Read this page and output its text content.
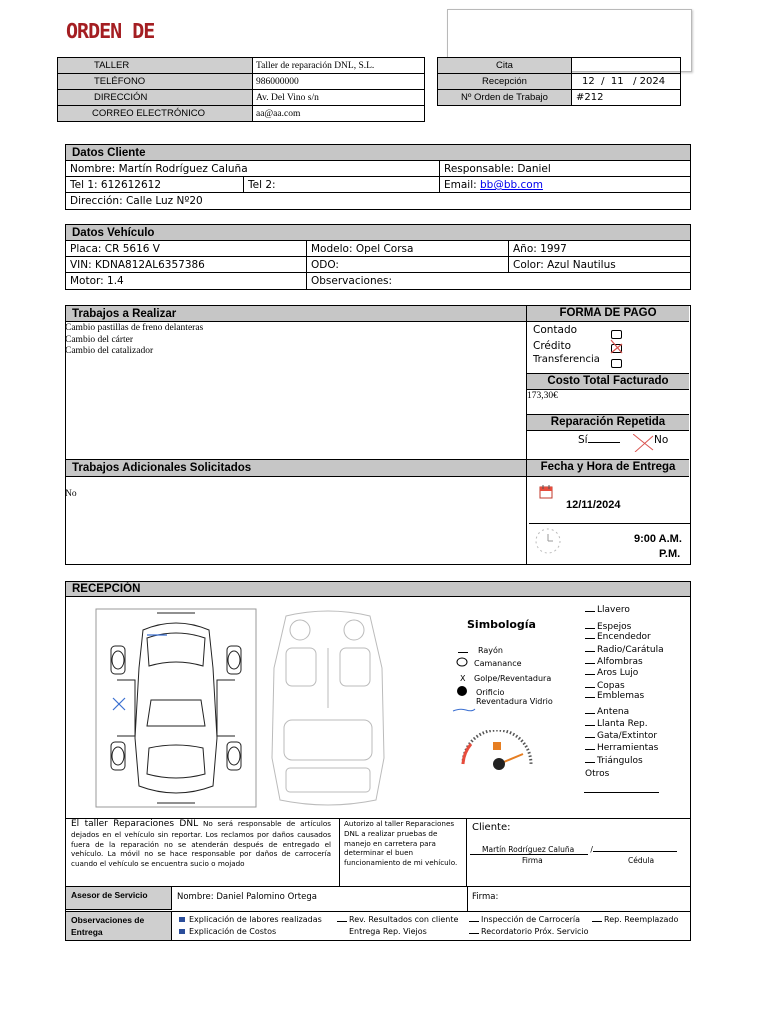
ORDEN DE
TALLER	Taller de reparación DNL, S.L.
TELÉFONO	986000000
DIRECCIÓN	Av. Del Vino s/n
CORREO ELECTRÓNICO	aa@aa.com
Cita	
Recepción	12  /  11   / 2024
Nº Orden de Trabajo	#212
Datos Cliente
Nombre: Martín Rodríguez Caluña	Responsable: Daniel
Tel 1: 612612612	Tel 2:	Email: bb@bb.com
Dirección: Calle Luz Nº20
Datos Vehículo
Placa: CR 5616 V	Modelo: Opel Corsa	Año: 1997
VIN: KDNA812AL6357386	ODO:	Color: Azul Nautilus
Motor: 1.4	Observaciones:
Trabajos a Realizar
Cambio pastillas de freno delanteras
Cambio del cárter
Cambio del catalizador
Trabajos Adicionales Solicitados
No
FORMA DE PAGO
Contado
Crédito
Transferencia
Costo Total Facturado
173,30€
Reparación Repetida
Sí	No
Fecha y Hora de Entrega
12/11/2024
9:00 A.M.
P.M.
RECEPCIÓN
Simbología
Rayón
Camanance
X Golpe/Reventadura
Orificio
Reventadura Vidrio
Llavero
Espejos
Encendedor
Radio/Carátula
Alfombras
Aros Lujo
Copas
Emblemas
Antena
Llanta Rep.
Gata/Extintor
Herramientas
Triángulos
Otros
El taller Reparaciones DNL No será responsable de artículos dejados en el vehículo sin reportar. Los reclamos por daños causados fuera de la reparación no se atenderán después de entregado el vehículo. La móvil no se hace responsable por daños de carrocería cuando el vehículo se encuentra sucio o mojado
Autorizo al taller Reparaciones DNL a realizar pruebas de manejo en carretera para determinar el buen funcionamiento de mi vehículo.
Cliente:
Martín Rodríguez Caluña /
Firma	Cédula
Asesor de Servicio	Nombre: Daniel Palomino Ortega	Firma:
Observaciones de
Entrega
Explicación de labores realizadas
Explicación de Costos
Rev. Resultados con cliente
Entrega Rep. Viejos
Inspección de Carrocería
Recordatorio Próx. Servicio
Rep. Reemplazado
